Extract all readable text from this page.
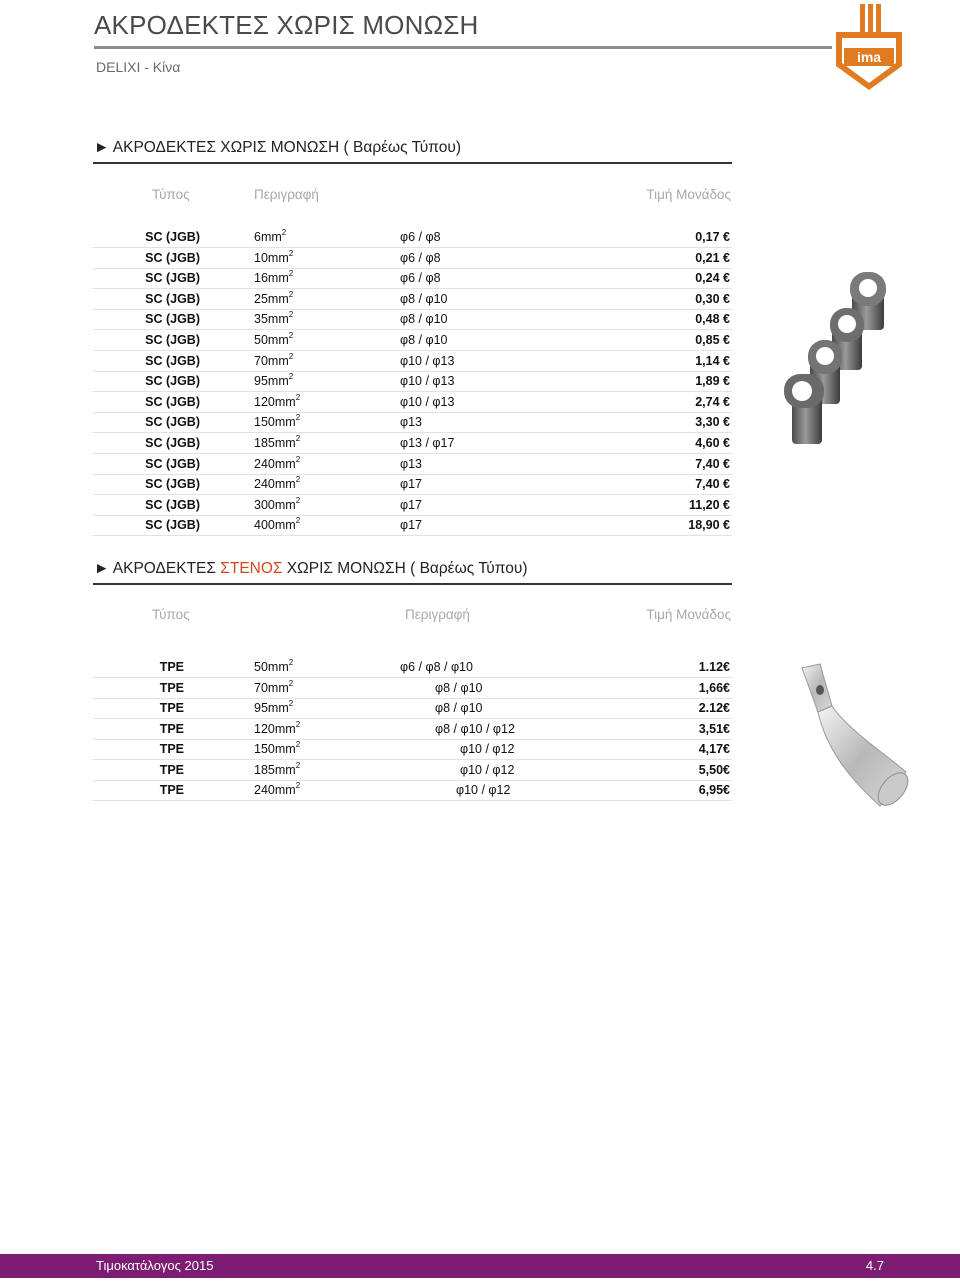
ΑΚΡΟΔΕΚΤΕΣ ΧΩΡΙΣ ΜΟΝΩΣΗ
DELIXI - Κίνα
ima
► ΑΚΡΟΔΕΚΤΕΣ ΧΩΡΙΣ ΜΟΝΩΣΗ ( Βαρέως Τύπου)
Τύπος	Περιγραφή	Τιμή Μονάδος
SC (JGB)	$6mm^2$	φ6 / φ8	0,17 €
SC (JGB)	$10mm^2$	φ6 / φ8	0,21 €
SC (JGB)	$16mm^2$	φ6 / φ8	0,24 €
SC (JGB)	$25mm^2$	φ8 / φ10	0,30 €
SC (JGB)	$35mm^2$	φ8 / φ10	0,48 €
SC (JGB)	$50mm^2$	φ8 / φ10	0,85 €
SC (JGB)	$70mm^2$	φ10 / φ13	1,14 €
SC (JGB)	$95mm^2$	φ10 / φ13	1,89 €
SC (JGB)	$120mm^2$	φ10 / φ13	2,74 €
SC (JGB)	$150mm^2$	φ13	3,30 €
SC (JGB)	$185mm^2$	φ13 / φ17	4,60 €
SC (JGB)	$240mm^2$	φ13	7,40 €
SC (JGB)	$240mm^2$	φ17	7,40 €
SC (JGB)	$300mm^2$	φ17	11,20 €
SC (JGB)	$400mm^2$	φ17	18,90 €
► ΑΚΡΟΔΕΚΤΕΣ ΣΤΕΝΟΣ ΧΩΡΙΣ ΜΟΝΩΣΗ ( Βαρέως Τύπου)
Τύπος	Περιγραφή	Τιμή Μονάδος
TPE	$50mm^2$	φ6 / φ8 / φ10	1.12€
TPE	$70mm^2$	φ8 / φ10	1,66€
TPE	$95mm^2$	φ8 / φ10	2.12€
TPE	$120mm^2$	φ8 / φ10 / φ12	3,51€
TPE	$150mm^2$	φ10 / φ12	4,17€
TPE	$185mm^2$	φ10 / φ12	5,50€
TPE	$240mm^2$	φ10 / φ12	6,95€
Τιμοκατάλογος 2015	4.7
